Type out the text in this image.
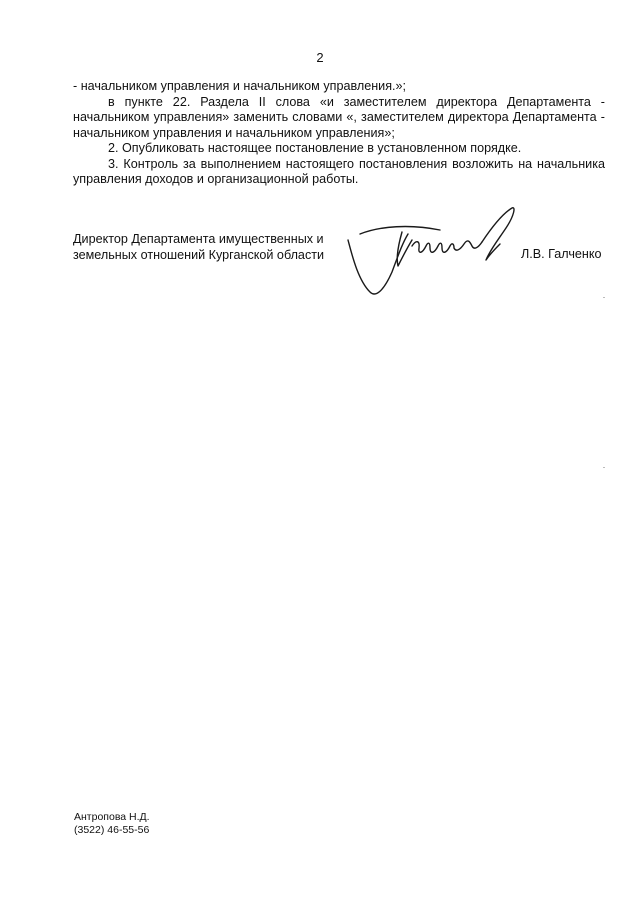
2

- начальником управления и начальником управления.»;

в пункте 22. Раздела II слова «и заместителем директора Департамента - начальником управления» заменить словами «, заместителем директора Департамента - начальником управления и начальником управления»;

2. Опубликовать настоящее постановление в установленном порядке.

3. Контроль за выполнением настоящего постановления возложить на начальника управления доходов и организационной работы.

Директор Департамента имущественных и
земельных отношений Курганской области	Л.В. Галченко
Антропова Н.Д.
(3522) 46-55-56
